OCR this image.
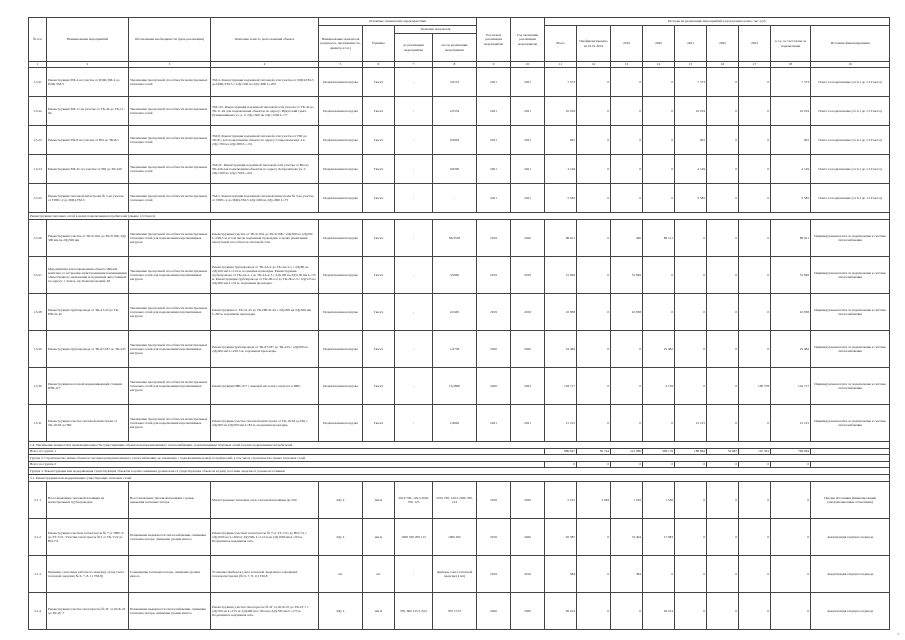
№ п/п	Наименование мероприятий	Обоснование необходимости (цель реализации)	Описание и место расположения объекта	Основные технические характеристики				Год начала реализации мероприятия	Год окончания реализации мероприятия	Расходы на реализацию мероприятий в прогнозных ценах, тыс. руб.								
				Наименование показателя (мощность, протяженность, диаметр и т.п.)	Единица	Значение показателя				Всего	Профинансировано на 01.01.2019	2019	2020	2021	2022	2023	в т.ч. за счет платы за подключение	Источник финансирования
						до реализации мероприятия	после реализации мероприятия											
1	2	3	4	5	6	7	8	9	10	11	12	13	14	15	16	17	18	19
1.3.21	Реконструкция ТМ-4 на участке от ИДЦ-ТМ-4 до ИДЦ ТМ-5	Увеличение пропускной способности магистральных тепловых сетей	ТМ-4. Реконструкция подземной тепловой сети участка от ИДЦ-ТМ-5 до ИДЦ-ТМ-5 с 2Ду=500 на 2Ду=800 L=205	Подключаемая нагрузка	Гкал/ч	-	3,0101	2021	2021	7 573	0	0	0	7 573	0	0	7 573	Плата за подключение (от 0,1 до 1,5 Гкал/ч)
1.3.22	Реконструкция ТМ-11 на участке от ТК-44 до ТК-11-04	Увеличение пропускной способности магистральных тепловых сетей	ТМ-11Г. Реконструкция подземной тепловой сети участка от ТК-44 до ТК-11-04 для подключения объектов по адресу: Иркутский тракт, Рукавишникова ул. д. 2, 2Ду=500 на 2Ду=1200 L=77	Подключаемая нагрузка	Гкал/ч	-	2,0534	2021	2021	10 019	0	0	0	10 019	0	0	10 019	Плата за подключение (от 0,1 до 1,5 Гкал/ч)
1.3.23	Реконструкция ТМ-8 на участке от НО до ТК-8/1	Увеличение пропускной способности магистральных тепловых сетей	ТМ-8. Реконструкция подземной тепловой сети участка от НО до ТК-8/1 для подключения объекта по адресу Ставропольская, 4 к. 2Ду=700 на 2Ду=800 L=151	Подключаемая нагрузка	Гкал/ч	-	0,9093	2021	2021	991	0	0	0	991	0	0	991	Плата за подключение (от 0,1 до 1,5 Гкал/ч)
1.3.24	Реконструкция ТМ-2С на участке от НО до ТК-226	Увеличение пропускной способности магистральных тепловых сетей	ТМ-2С. Реконструкция подземной тепловой сети участка от НО до ТК-226 для подключения объектов по адресу Добролюбова ул. 5, 2Ду=500 на 2Ду=700 L=201	Подключаемая нагрузка	Гкал/ч	-	0,8290	2021	2021	4 149	0	0	0	4 149	0	0	4 149	Плата за подключение (от 0,1 до 1,5 Гкал/ч)
1.3.25	Реконструкция тепловой магистрали № 5 на участке от ГПРС-2 до ИДЦ-ТМ-5	Увеличение пропускной способности магистральных тепловых сетей	ТМ-5. Реконструкция подземной тепловой магистрали № 5 на участке от ГПРС-2 до ИДЦ-ТМ-5 2Ду=600 на 2Ду=800 L=75	Подключаемая нагрузка	Гкал/ч	-	-	2021	2021	5 582	0	0	0	5 582	0	0	5 582	Плата за подключение (от 0,1 до 1,5 Гкал/ч)
Реконструкция тепловых сетей в целях подключения потребителей (свыше 1,5 Гкал/ч)																		
1.3.26	Реконструкция участка от ТК-9/19А до ТК-9/19Б, 2Ду 300 мм на 2Ду500 мм	Увеличение пропускной способности магистральных тепловых сетей для подключения перспективных нагрузок	Реконструкция участка от ТК-9/19А до ТК-9/19Б с 2Ду300 на 2Ду500 L=199,5 м, в том числе подземной прокладки, в целях увеличения пропускной способности тепловой сети	Подключаемая нагрузка	Гкал/ч	-	66,3538	2019	2020	86 611	0	490	86 121	0	0	0	86 611	Индивидуальная плата за подключение к системе теплоснабжения
1.3.27	Мероприятия для подключения объекта 'Жилой комплекс со встроенно-пристроенными помещениями общественного назначения и подземной автостоянкой' по адресу: г. Томск, пр. Комсомольский, 48	Увеличение пропускной способности магистральных тепловых сетей для подключения перспективных нагрузок	Реконструкция трубопровода от ТК-2А-2 до ТК-2А-2-1 с 2Ду80 на 2Ду100 мм L=114 м, подземная прокладка. Реконструкция трубопровода от ТК-2А-2-1 до ТК-2А-2-3 с 2Ду100 на 2Ду150 мм L=70 м. Реконструкция трубопровода от ТК-2Б-2-2 до ТК-2Б-2-3 с 2Ду125 на 2Ду200 мм L=52 м, подземная прокладка.	Подключаемая нагрузка	Гкал/ч	-	3,9940	2019	2019	31 826	0	31 826	0	0	0	0	31 826	Индивидуальная плата за подключение к системе теплоснабжения
1.3.28	Реконструкция трубопровода от ТК-41-45 до ТК-ПВ-41-45	Увеличение пропускной способности магистральных тепловых сетей для подключения перспективных нагрузок	Реконструкция от ТК-41-45 до ТК-ПВ-41-45 с 2Ду200 на 2Ду500 мм L=60 м, подземная прокладка.	Подключаемая нагрузка	Гкал/ч	-	2,0465	2019	2019	10 838	0	10 838	0	0	0	0	10 838	Индивидуальная плата за подключение к системе теплоснабжения
1.3.29	Реконструкция трубопровода от ТК-67/187 до ТК-235	Увеличение пропускной способности магистральных тепловых сетей для подключения перспективных нагрузок	Реконструкция трубопровода от ТК-67/187 до ТК-235 с 2Ду300 на 2Ду400 мм L=239,5 м, подземная прокладка.	Подключаемая нагрузка	Гкал/ч	-	1,6738	2020	2020	19 482	0	0	19 482	0	0	0	19 482	Индивидуальная плата за подключение к системе теплоснабжения
1.3.30	Реконструкция насосной перекачивающей станции ПНС-6/7	Увеличение пропускной способности магистральных тепловых сетей для подключения перспективных нагрузок	Реконструкция ПНС-6/7 с заменой насосного агрегата в ПНС	Подключаемая нагрузка	Гкал/ч	-	13,2890	2020	2023	104 717	0	0	4 139	0	0	100 578	104 717	Индивидуальная плата за подключение к системе теплоснабжения
1.3.31	Реконструкция участка тепловой магистрали от ТК-18-63 до НО	Увеличение пропускной способности магистральных тепловых сетей для подключения перспективных нагрузок	Реконструкция участка тепловой магистрали от ТК-18-63 до НО с 2Ду300 на 2Ду500 мм L=83 м, подземная прокладка.	Подключаемая нагрузка	Гкал/ч	-	1,8662	2021	2021	21 215	0	0	0	21 215	0	0	21 215	Индивидуальная плата за подключение к системе теплоснабжения
1.4. Увеличение мощности и производительности существующих объектов централизованного теплоснабжения, за исключением тепловых сетей в целях подключения потребителей																		
Всего по группе 1										886 647	30 744	212 080	308 176	188 862	54 687	110 361	799 094	
Группа 2. Строительство новых объектов системы централизованного теплоснабжения, не связанных с подключением новых потребителей, в том числе строительство новых тепловых сетей																		
Всего по группе 2										0	0	0	0	0	0	0	0	
Группа 3. Реконструкция или модернизация существующих объектов в целях снижения уровня износа существующих объектов и (или) поставки энергии от разных источников																		
3.1. Реконструкция или модернизация существующих тепловых сетей																		
3.1.1	Восстановление тепловой изоляции на магистральных трубопроводах	Восстановление тепловой изоляции с целью снижения тепловых потерь	Магистральные тепловые сети, тепловой изоляции Ду 200	2Ду L	мм м	2019 700, 126,5 2020 700, 123	2019 700, 126,5 2020 700, 123	2016	2020	5 191	3 629	1 016	1 536	0	0	0	0	Прочие источники финансирования (амортизационные отчисления)
3.1.2	Реконструкция участков теплотрассы № 7 от ПНС-6 до ТТ-7/21. Участки теплотрассы №3 от ТК-7/22 до НО-7/2	Повышение надежности теплоснабжения, снижения тепловых потерь, снижение уровня износа	Реконструкция участков теплотрассы № 7 от ТТ-7/21 до НО-7/2 с 2Ду1000 на L=209 м; 2Ду500, L=113 м на 2Ду1000 мм L=93 м. Подземная и надземная сеть.	2Ду L	мм м	1000 500 209 113	1000 405	2019	2020	92 387	0	74 404	17 983	0	0	0	0	Амортизация текущего периода
3.1.3	Приемно-сдаточные работы по монтажу узлов учета тепловой энергии (№ 6, 7, 8, 11 ТМ-8)	Сокращение тепловых потерь, снижение уровня износа	Установка приборов учета тепловой энергии на отводящих тепломагистралях (№ 6, 7, 8, 11) ТМ-8	шт	шт	-	приборы учета тепловой энергии (4 шт)	2019	2019	384	0	384	0	0	0	0	0	Амортизация текущего периода
3.1.4	Реконструкция участка теплотрассы № 2Г от ОСК-25 до ТК-2Г-7	Повышение надежности теплоснабжения, снижения тепловых потерь, снижение уровня износа	Реконструкция участка теплотрассы № 2Г от ОСК-25 до ТК-2Г-7 с 2Ду700 на L=155 м, 2Ду400 на L 96 м на 2Ду700 мм L=173 м. Подземная и надземная сеть.	2Ду L	мм м	700, 600 155,5 34,5	700 173,5	2020	2020	26 014	0	0	26 014	0	0	0	0	Амортизация текущего периода
2
